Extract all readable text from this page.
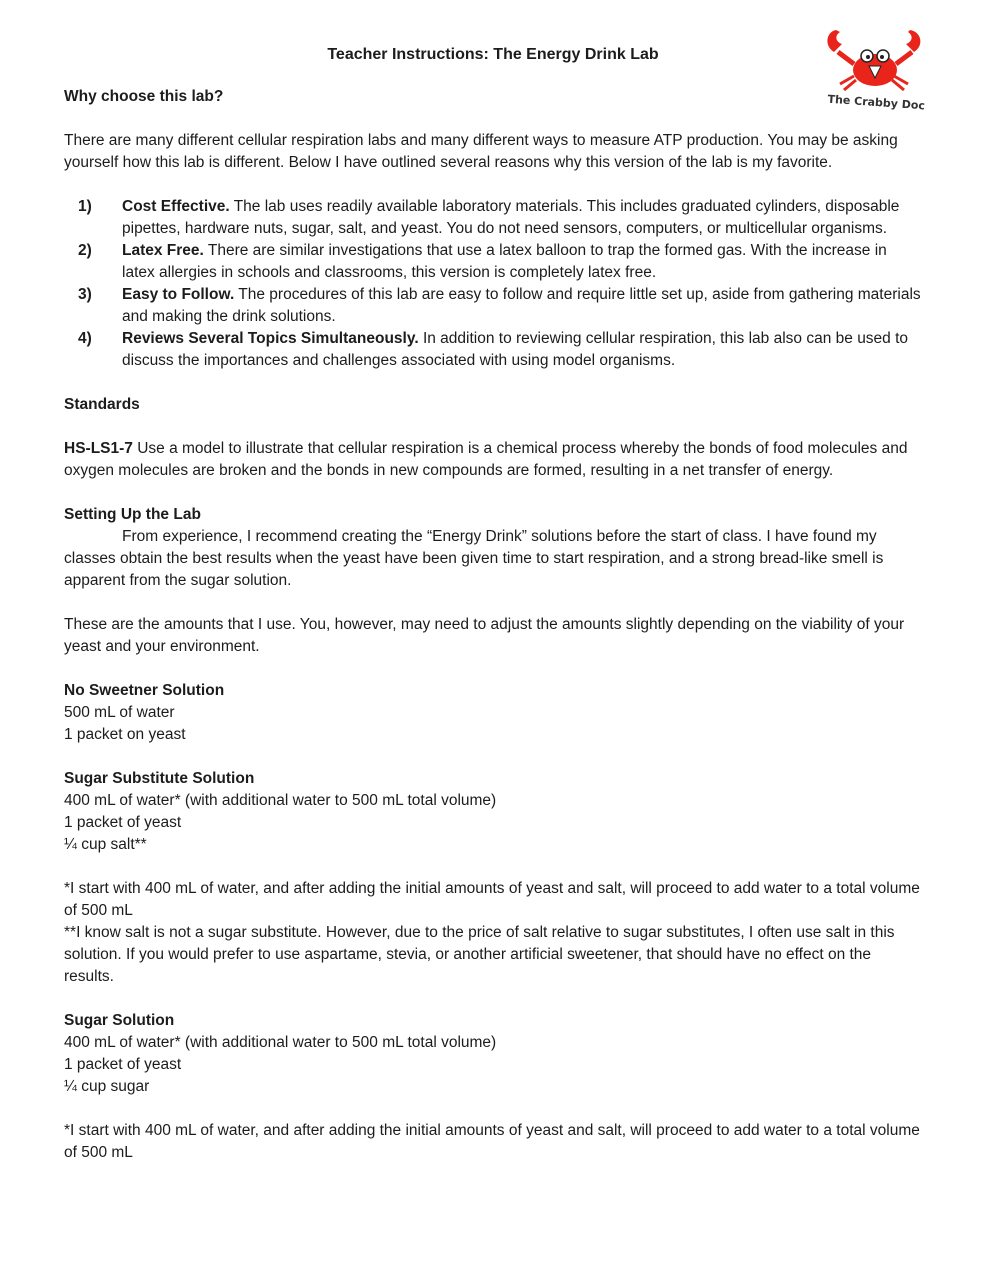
The Crabby Doc
Teacher Instructions: The Energy Drink Lab
Why choose this lab?

There are many different cellular respiration labs and many different ways to measure ATP production. You may be asking yourself how this lab is different. Below I have outlined several reasons why this version of the lab is my favorite.

1)	Cost Effective. The lab uses readily available laboratory materials. This includes graduated cylinders, disposable pipettes, hardware nuts, sugar, salt, and yeast. You do not need sensors, computers, or multicellular organisms.
2)	Latex Free. There are similar investigations that use a latex balloon to trap the formed gas. With the increase in latex allergies in schools and classrooms, this version is completely latex free.
3)	Easy to Follow. The procedures of this lab are easy to follow and require little set up, aside from gathering materials and making the drink solutions.
4)	Reviews Several Topics Simultaneously. In addition to reviewing cellular respiration, this lab also can be used to discuss the importances and challenges associated with using model organisms.
Standards

HS-LS1-7 Use a model to illustrate that cellular respiration is a chemical process whereby the bonds of food molecules and oxygen molecules are broken and the bonds in new compounds are formed, resulting in a net transfer of energy.

Setting Up the Lab

From experience, I recommend creating the “Energy Drink” solutions before the start of class. I have found my classes obtain the best results when the yeast have been given time to start respiration, and a strong bread-like smell is apparent from the sugar solution.

These are the amounts that I use. You, however, may need to adjust the amounts slightly depending on the viability of your yeast and your environment.

No Sweetner Solution

500 mL of water

1 packet on yeast

Sugar Substitute Solution

400 mL of water* (with additional water to 500 mL total volume)

1 packet of yeast

¼ cup salt**

*I start with 400 mL of water, and after adding the initial amounts of yeast and salt, will proceed to add water to a total volume of 500 mL

**I know salt is not a sugar substitute. However, due to the price of salt relative to sugar substitutes, I often use salt in this solution. If you would prefer to use aspartame, stevia, or another artificial sweetener, that should have no effect on the results.

Sugar Solution

400 mL of water* (with additional water to 500 mL total volume)

1 packet of yeast

¼ cup sugar

*I start with 400 mL of water, and after adding the initial amounts of yeast and salt, will proceed to add water to a total volume of 500 mL
